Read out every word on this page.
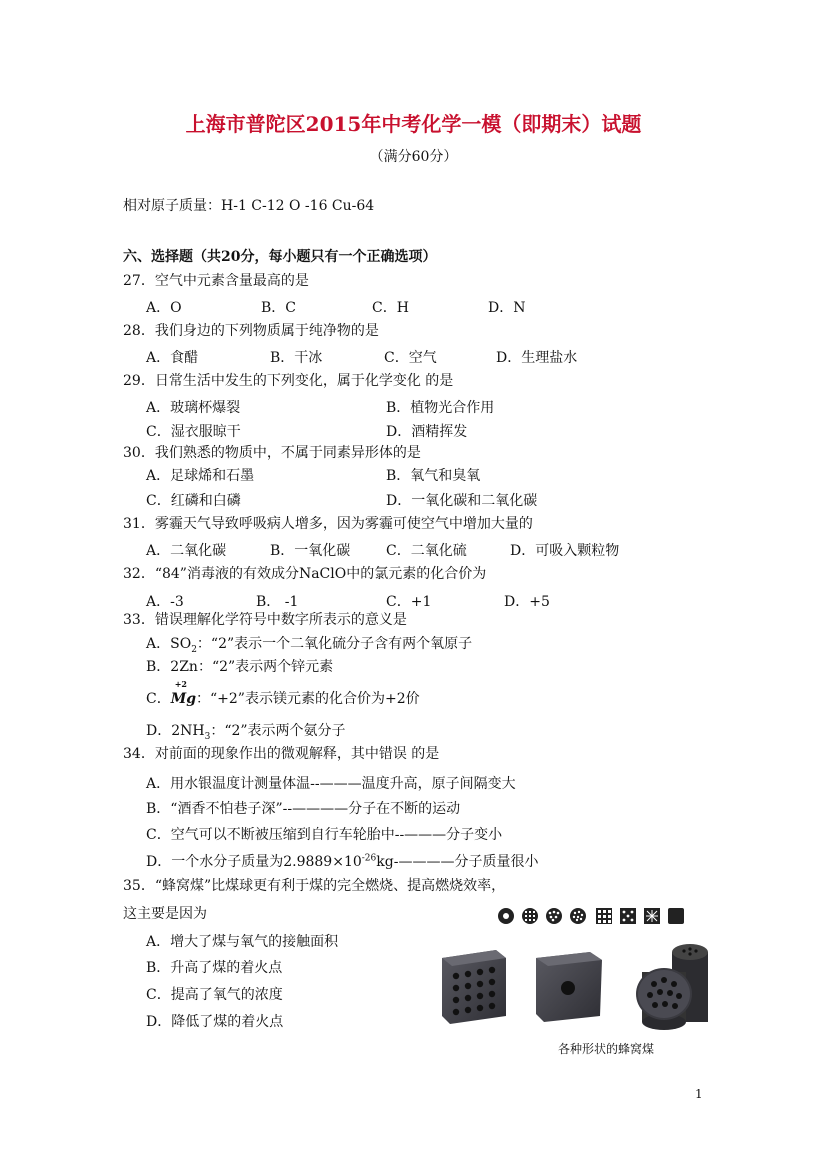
上海市普陀区2015年中考化学一模（即期末）试题
（满分60分）
相对原子质量：H-1 C-12 O -16 Cu-64
六、选择题（共20分，每小题只有一个正确选项）
27．空气中元素含量最高的是
A．O	B．C	C．H	D．N
28．我们身边的下列物质属于纯净物的是
A．食醋	B．干冰	C．空气	D．生理盐水
29．日常生活中发生的下列变化，属于化学变化 的是
A．玻璃杯爆裂	B．植物光合作用
C．湿衣服晾干	D．酒精挥发
30．我们熟悉的物质中，不属于同素异形体的是
A．足球烯和石墨	B．氧气和臭氧
C．红磷和白磷	D．一氧化碳和二氧化碳
31．雾霾天气导致呼吸病人增多，因为雾霾可使空气中增加大量的
A．二氧化碳	B．一氧化碳	C．二氧化硫	D．可吸入颗粒物
32．“84”消毒液的有效成分NaClO中的氯元素的化合价为
A．-3	B． -1	C．+1	D．+5
33．错误理解化学符号中数字所表示的意义是
A．$SO_2$：“2”表示一个二氧化硫分子含有两个氧原子
B．2Zn：“2”表示两个锌元素
C．
+2
Mg：“+2”表示镁元素的化合价为+2价
D．$2NH_3$：“2”表示两个氨分子
34．对前面的现象作出的微观解释，其中错误 的是
A．用水银温度计测量体温--———温度升高，原子间隔变大
B．“酒香不怕巷子深”--————分子在不断的运动
C．空气可以不断被压缩到自行车轮胎中--———分子变小
D．一个水分子质量为$2.9889\times 10^{-26}kg-————$分子质量很小
35．“蜂窝煤”比煤球更有利于煤的完全燃烧、提高燃烧效率，
这主要是因为
A．增大了煤与氧气的接触面积
B．升高了煤的着火点
C．提高了氧气的浓度
D．降低了煤的着火点
各种形状的蜂窝煤
1
